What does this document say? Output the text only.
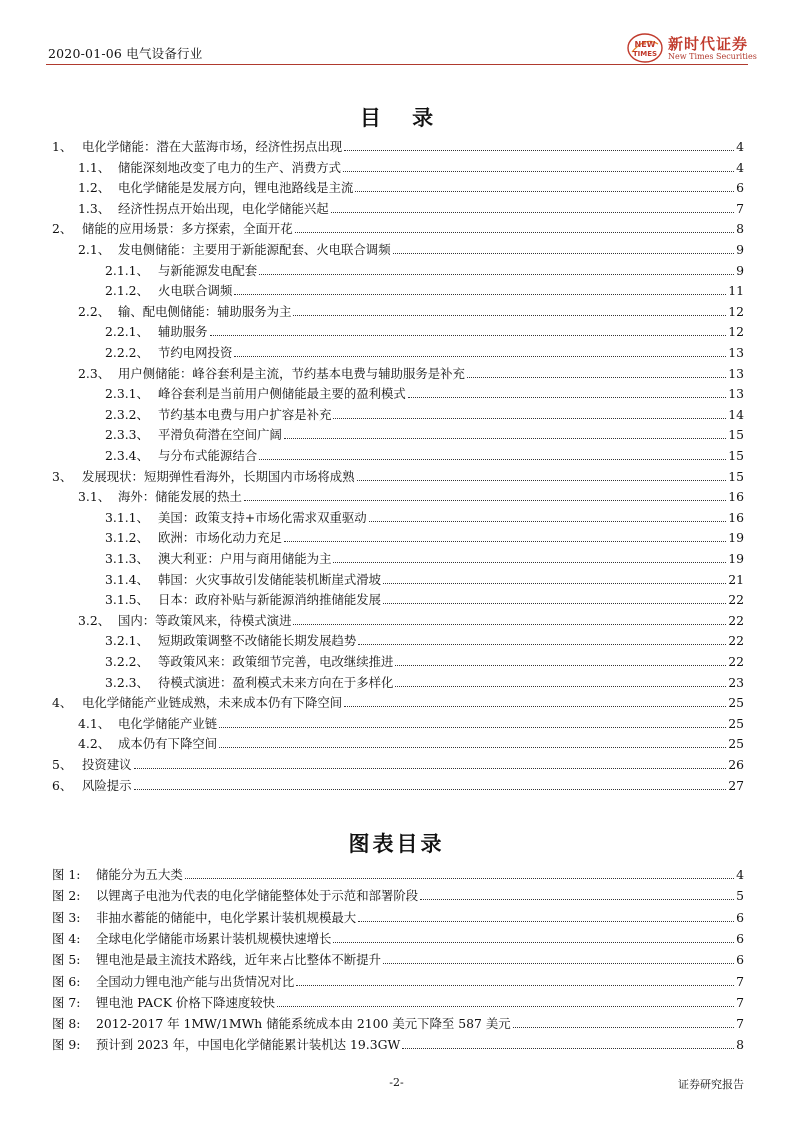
2020-01-06 电气设备行业
NEW
TIMES
新时代证券
New Times Securities
目 录
1、 电化学储能：潜在大蓝海市场，经济性拐点出现	4
1.1、 储能深刻地改变了电力的生产、消费方式	4
1.2、 电化学储能是发展方向，锂电池路线是主流	6
1.3、 经济性拐点开始出现，电化学储能兴起	7
2、 储能的应用场景：多方探索，全面开花	8
2.1、 发电侧储能：主要用于新能源配套、火电联合调频	9
2.1.1、 与新能源发电配套	9
2.1.2、 火电联合调频	11
2.2、 输、配电侧储能：辅助服务为主	12
2.2.1、 辅助服务	12
2.2.2、 节约电网投资	13
2.3、 用户侧储能：峰谷套利是主流，节约基本电费与辅助服务是补充	13
2.3.1、 峰谷套利是当前用户侧储能最主要的盈利模式	13
2.3.2、 节约基本电费与用户扩容是补充	14
2.3.3、 平滑负荷潜在空间广阔	15
2.3.4、 与分布式能源结合	15
3、 发展现状：短期弹性看海外，长期国内市场将成熟	15
3.1、 海外：储能发展的热土	16
3.1.1、 美国：政策支持+市场化需求双重驱动	16
3.1.2、 欧洲：市场化动力充足	19
3.1.3、 澳大利亚：户用与商用储能为主	19
3.1.4、 韩国：火灾事故引发储能装机断崖式滑坡	21
3.1.5、 日本：政府补贴与新能源消纳推储能发展	22
3.2、 国内：等政策风来，待模式演进	22
3.2.1、 短期政策调整不改储能长期发展趋势	22
3.2.2、 等政策风来：政策细节完善，电改继续推进	22
3.2.3、 待模式演进：盈利模式未来方向在于多样化	23
4、 电化学储能产业链成熟，未来成本仍有下降空间	25
4.1、 电化学储能产业链	25
4.2、 成本仍有下降空间	25
5、 投资建议	26
6、 风险提示	27
图表目录
图 1:	储能分为五大类	4
图 2:	以锂离子电池为代表的电化学储能整体处于示范和部署阶段	5
图 3:	非抽水蓄能的储能中，电化学累计装机规模最大	6
图 4:	全球电化学储能市场累计装机规模快速增长	6
图 5:	锂电池是最主流技术路线，近年来占比整体不断提升	6
图 6:	全国动力锂电池产能与出货情况对比	7
图 7:	锂电池 PACK 价格下降速度较快	7
图 8:	2012-2017 年 1MW/1MWh 储能系统成本由 2100 美元下降至 587 美元	7
图 9:	预计到 2023 年，中国电化学储能累计装机达 19.3GW	8
-2-	证券研究报告
